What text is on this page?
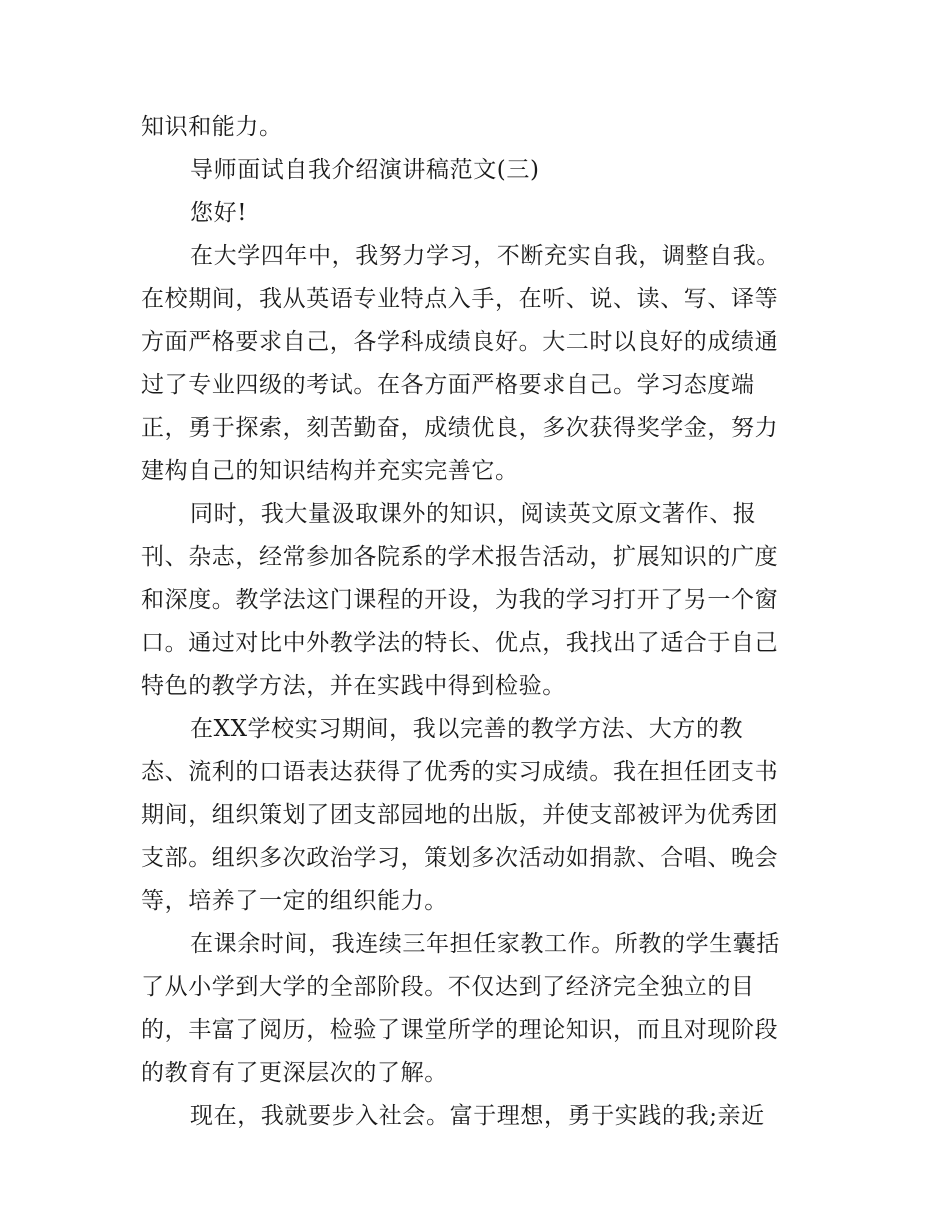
知识和能力。
导师面试自我介绍演讲稿范文(三)
您好!
在大学四年中，我努力学习，不断充实自我，调整自我。
在校期间，我从英语专业特点入手，在听、说、读、写、译等
方面严格要求自己，各学科成绩良好。大二时以良好的成绩通
过了专业四级的考试。在各方面严格要求自己。学习态度端
正，勇于探索，刻苦勤奋，成绩优良，多次获得奖学金，努力
建构自己的知识结构并充实完善它。
同时，我大量汲取课外的知识，阅读英文原文著作、报
刊、杂志，经常参加各院系的学术报告活动，扩展知识的广度
和深度。教学法这门课程的开设，为我的学习打开了另一个窗
口。通过对比中外教学法的特长、优点，我找出了适合于自己
特色的教学方法，并在实践中得到检验。
在XX学校实习期间，我以完善的教学方法、大方的教
态、流利的口语表达获得了优秀的实习成绩。我在担任团支书
期间，组织策划了团支部园地的出版，并使支部被评为优秀团
支部。组织多次政治学习，策划多次活动如捐款、合唱、晚会
等，培养了一定的组织能力。
在课余时间，我连续三年担任家教工作。所教的学生囊括
了从小学到大学的全部阶段。不仅达到了经济完全独立的目
的，丰富了阅历，检验了课堂所学的理论知识，而且对现阶段
的教育有了更深层次的了解。
现在，我就要步入社会。富于理想，勇于实践的我;亲近
